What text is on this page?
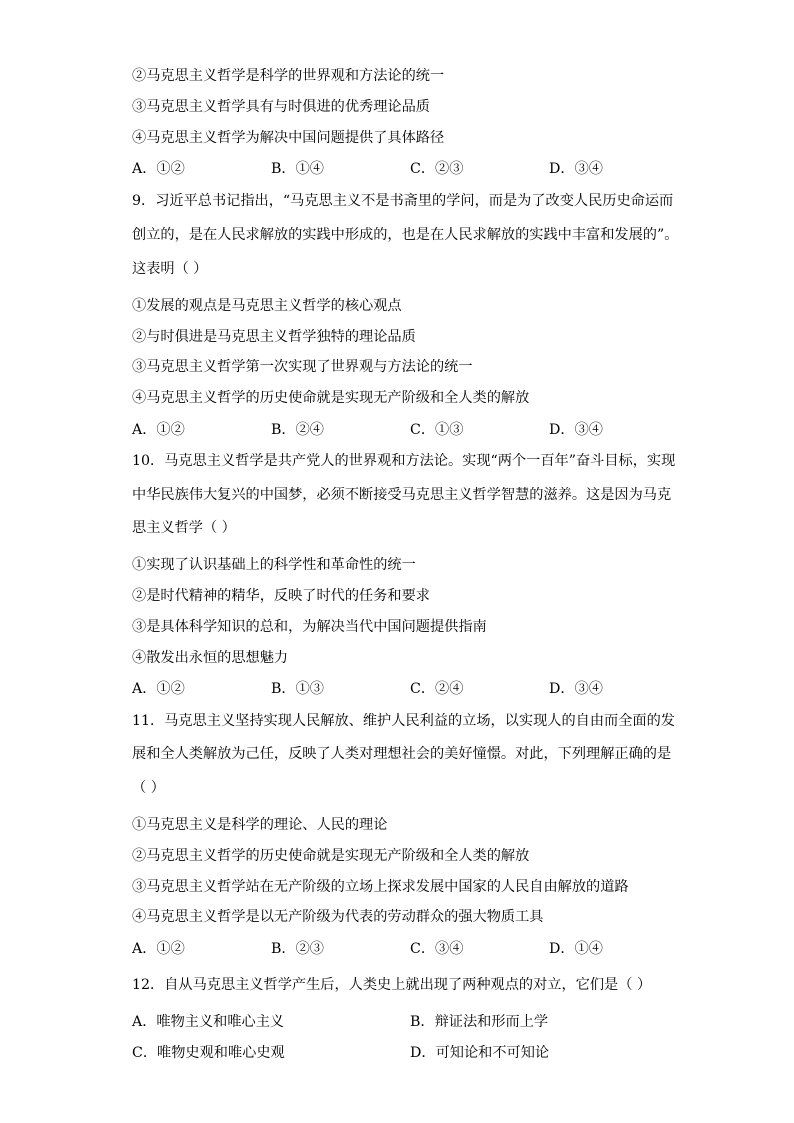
②马克思主义哲学是科学的世界观和方法论的统一
③马克思主义哲学具有与时俱进的优秀理论品质
④马克思主义哲学为解决中国问题提供了具体路径
A．①②	B．①④	C．②③	D．③④
9．习近平总书记指出，“马克思主义不是书斋里的学问，而是为了改变人民历史命运而
创立的，是在人民求解放的实践中形成的，也是在人民求解放的实践中丰富和发展的”。
这表明（ ）
①发展的观点是马克思主义哲学的核心观点
②与时俱进是马克思主义哲学独特的理论品质
③马克思主义哲学第一次实现了世界观与方法论的统一
④马克思主义哲学的历史使命就是实现无产阶级和全人类的解放
A．①②	B．②④	C．①③	D．③④
10．马克思主义哲学是共产党人的世界观和方法论。实现“两个一百年”奋斗目标，实现
中华民族伟大复兴的中国梦，必须不断接受马克思主义哲学智慧的滋养。这是因为马克
思主义哲学（ ）
①实现了认识基础上的科学性和革命性的统一
②是时代精神的精华，反映了时代的任务和要求
③是具体科学知识的总和，为解决当代中国问题提供指南
④散发出永恒的思想魅力
A．①②	B．①③	C．②④	D．③④
11．马克思主义坚持实现人民解放、维护人民利益的立场，以实现人的自由而全面的发
展和全人类解放为己任，反映了人类对理想社会的美好憧憬。对此，下列理解正确的是
（ ）
①马克思主义是科学的理论、人民的理论
②马克思主义哲学的历史使命就是实现无产阶级和全人类的解放
③马克思主义哲学站在无产阶级的立场上探求发展中国家的人民自由解放的道路
④马克思主义哲学是以无产阶级为代表的劳动群众的强大物质工具
A．①②	B．②③	C．③④	D．①④
12．自从马克思主义哲学产生后，人类史上就出现了两种观点的对立，它们是（ ）
A．唯物主义和唯心主义	B．辩证法和形而上学
C．唯物史观和唯心史观	D．可知论和不可知论
